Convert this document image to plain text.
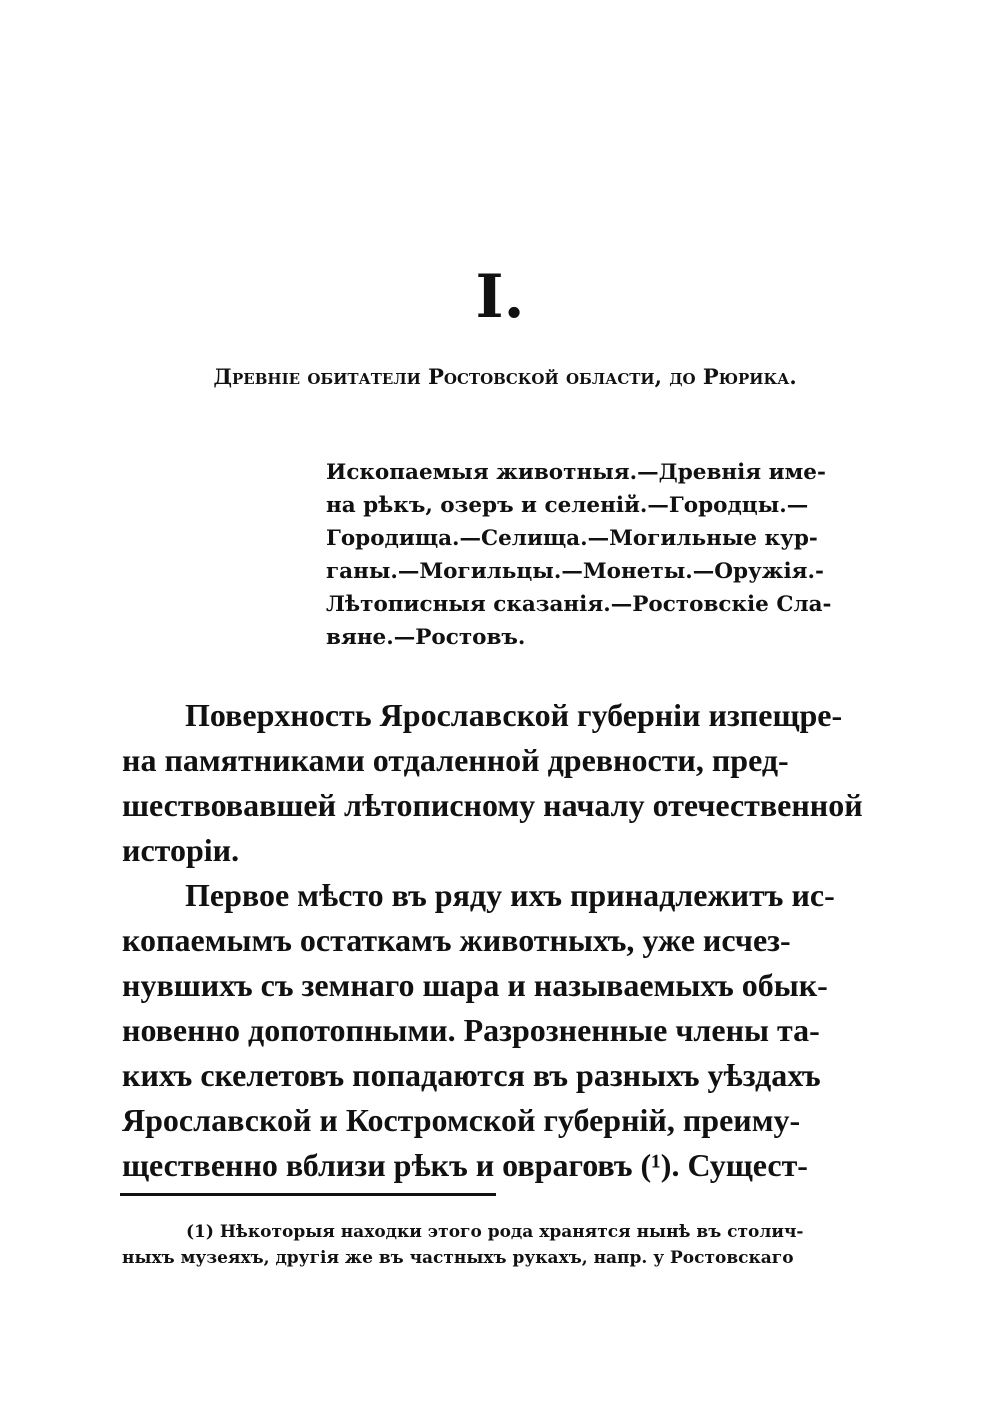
I.
Древніе обитатели Ростовской области, до Рюрика.
Ископаемыя животныя.—Древнія име-
на рѣкъ, озеръ и селеній.—Городцы.—
Городища.—Селища.—Могильные кур-
ганы.—Могильцы.—Монеты.—Оружія.-
Лѣтописныя сказанія.—Ростовскіе Сла-
вяне.—Ростовъ.
Поверхность Ярославской губерніи изпещре-
на памятниками отдаленной древности, пред-
шествовавшей лѣтописному началу отечественной
исторіи.
Первое мѣсто въ ряду ихъ принадлежитъ ис-
копаемымъ остаткамъ животныхъ, уже исчез-
нувшихъ съ земнаго шара и называемыхъ обык-
новенно допотопными. Разрозненные члены та-
кихъ скелетовъ попадаются въ разныхъ уѣздахъ
Ярославской и Костромской губерній, преиму-
щественно вблизи рѣкъ и овраговъ (¹). Сущест-
(1) Нѣкоторыя находки этого рода хранятся нынѣ въ столич-
ныхъ музеяхъ, другія же въ частныхъ рукахъ, напр. у Ростовскаго
